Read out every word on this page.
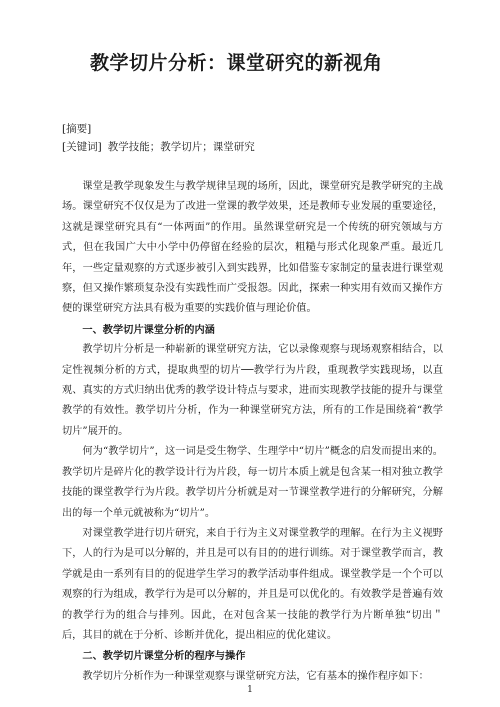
教学切片分析：课堂研究的新视角
[摘要]
[关键词] 教学技能；教学切片；课堂研究

课堂是教学现象发生与教学规律呈现的场所，因此，课堂研究是教学研究的主战场。课堂研究不仅仅是为了改进一堂课的教学效果，还是教师专业发展的重要途径，这就是课堂研究具有“一体两面”的作用。虽然课堂研究是一个传统的研究领域与方式，但在我国广大中小学中仍停留在经验的层次，粗糙与形式化现象严重。最近几年，一些定量观察的方式逐步被引入到实践界，比如借鉴专家制定的量表进行课堂观察，但又操作繁琐复杂没有实践性而广受报怨。因此，探索一种实用有效而又操作方便的课堂研究方法具有极为重要的实践价值与理论价值。

一、教学切片课堂分析的内涵

教学切片分析是一种崭新的课堂研究方法，它以录像观察与现场观察相结合，以定性视频分析的方式，提取典型的切片──教学行为片段，重现教学实践现场，以直观、真实的方式归纳出优秀的教学设计特点与要求，进而实现教学技能的提升与课堂教学的有效性。教学切片分析，作为一种课堂研究方法，所有的工作是围绕着“教学切片”展开的。

何为“教学切片”，这一词是受生物学、生理学中“切片”概念的启发而提出来的。教学切片是碎片化的教学设计行为片段，每一切片本质上就是包含某一相对独立教学技能的课堂教学行为片段。教学切片分析就是对一节课堂教学进行的分解研究，分解出的每一个单元就被称为“切片”。

对课堂教学进行切片研究，来自于行为主义对课堂教学的理解。在行为主义视野下，人的行为是可以分解的，并且是可以有目的的进行训练。对于课堂教学而言，教学就是由一系列有目的的促进学生学习的教学活动事件组成。课堂教学是一个个可以观察的行为组成，教学行为是可以分解的，并且是可以优化的。有效教学是普遍有效的教学行为的组合与排列。因此，在对包含某一技能的教学行为片断单独“切出＂后，其目的就在于分析、诊断并优化，提出相应的优化建议。

二、教学切片课堂分析的程序与操作

教学切片分析作为一种课堂观察与课堂研究方法，它有基本的操作程序如下：

1
